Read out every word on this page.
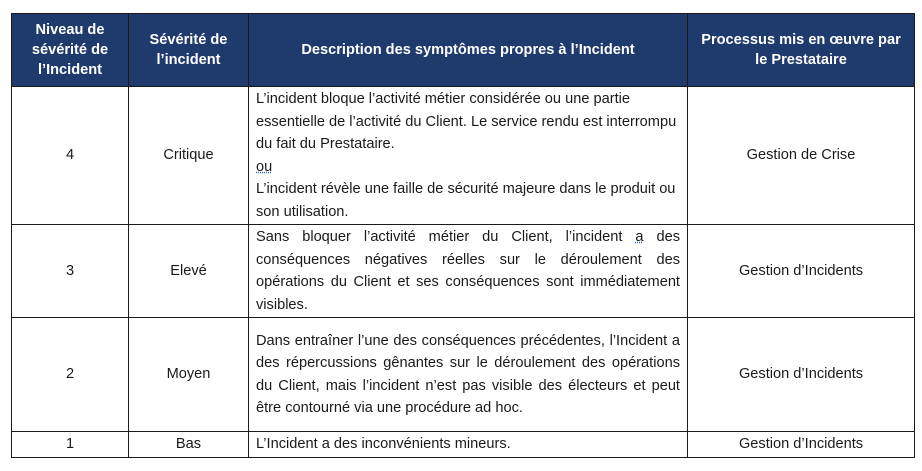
Niveau de sévérité de l’Incident	Sévérité de l’incident	Description des symptômes propres à l’Incident	Processus mis en œuvre par le Prestataire
4	Critique	L’incident bloque l’activité métier considérée ou une partie essentielle de l’activité du Client. Le service rendu est interrompu du fait du Prestataire.
ou
L’incident révèle une faille de sécurité majeure dans le produit ou son utilisation.	Gestion de Crise
3	Elevé	Sans bloquer l’activité métier du Client, l’incident a des conséquences négatives réelles sur le déroulement des opérations du Client et ses conséquences sont immédiatement visibles.	Gestion d’Incidents
2	Moyen	Dans entraîner l’une des conséquences précédentes, l’Incident a des répercussions gênantes sur le déroulement des opérations du Client, mais l’incident n’est pas visible des électeurs et peut être contourné via une procédure ad hoc.	Gestion d’Incidents
1	Bas	L’Incident a des inconvénients mineurs.	Gestion d’Incidents
